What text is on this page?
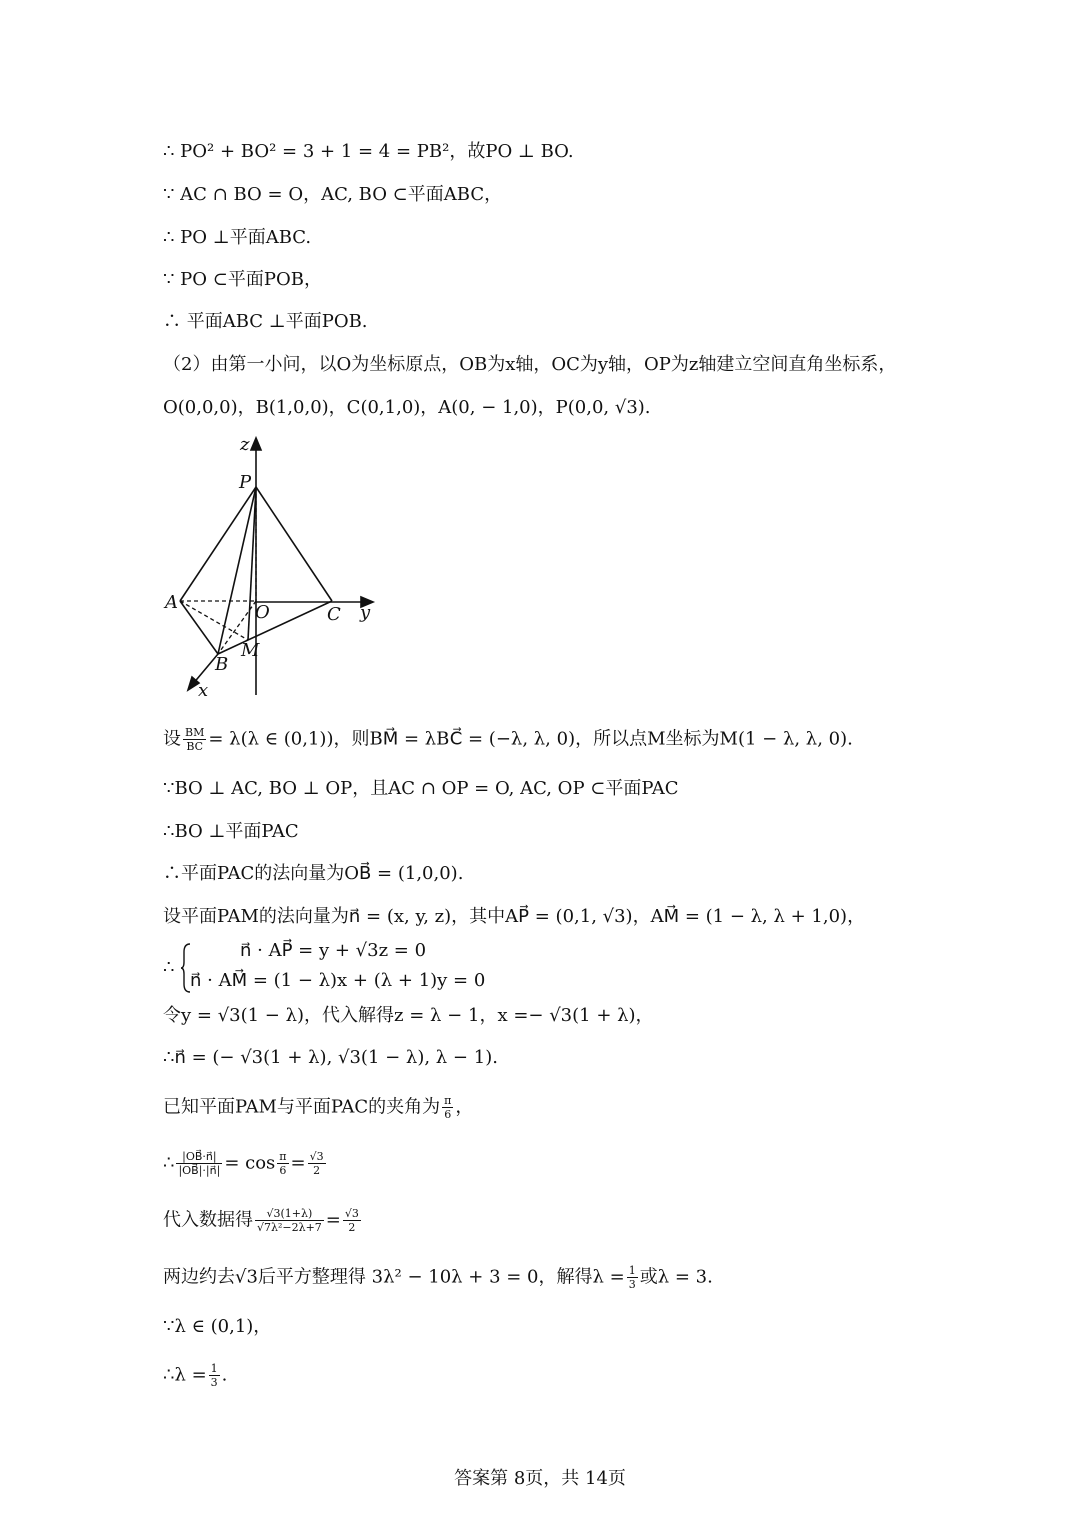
∴ PO² + BO² = 3 + 1 = 4 = PB²，故PO ⊥ BO.
∵ AC ∩ BO = O，AC, BO ⊂平面ABC，
∴ PO ⊥平面ABC.
∵ PO ⊂平面POB，
∴ 平面ABC ⊥平面POB.
（2）由第一小问，以O为坐标原点，OB为x轴，OC为y轴，OP为z轴建立空间直角坐标系，
O(0,0,0)，B(1,0,0)，C(0,1,0)，A(0, − 1,0)，P(0,0, √3).
z
P
A	O	C y
B
M
x
设 $\frac{BM}{BC} = \lambda(\lambda$ ∈ (0,1))，则BM⃗ = λBC⃗ = (−λ, λ, 0)，所以点M坐标为M(1 − λ, λ, 0).
∵BO ⊥ AC, BO ⊥ OP，且AC ∩ OP = O, AC, OP ⊂平面PAC
∴BO ⊥平面PAC
∴平面PAC的法向量为OB⃗ = (1,0,0).
设平面PAM的法向量为n⃗ = (x, y, z)，其中AP⃗ = (0,1, √3)，AM⃗ = (1 − λ, λ + 1,0)，
∴
n⃗ · AP⃗ = y + √3z = 0
n⃗ · AM⃗ = (1 − λ)x + (λ + 1)y = 0
令y = √3(1 − λ)，代入解得z = λ − 1，x =− √3(1 + λ)，
∴n⃗ = (− √3(1 + λ), √3(1 − λ), λ − 1).
已知平面PAM与平面PAC的夹角为 $\frac{\pi}{6}$ ，
∴ $\frac{|OB⃗\cdot n⃗|}{|OB⃗|\cdot|n⃗|} = \cos \frac{\pi}{6} = \frac{√3}{2}$
代入数据得 $\frac{√3(1+\lambda)}{\text{√7λ²−2λ+7}} = \frac{√3}{2}$
两边约去√3后平方整理得 3λ² − 10λ + 3 = 0，解得$\lambda = \frac{1}{3}$ 或λ = 3.
∵λ ∈ (0,1)，
∴λ = $\frac{1}{3}$ .
答案第 8页，共 14页
